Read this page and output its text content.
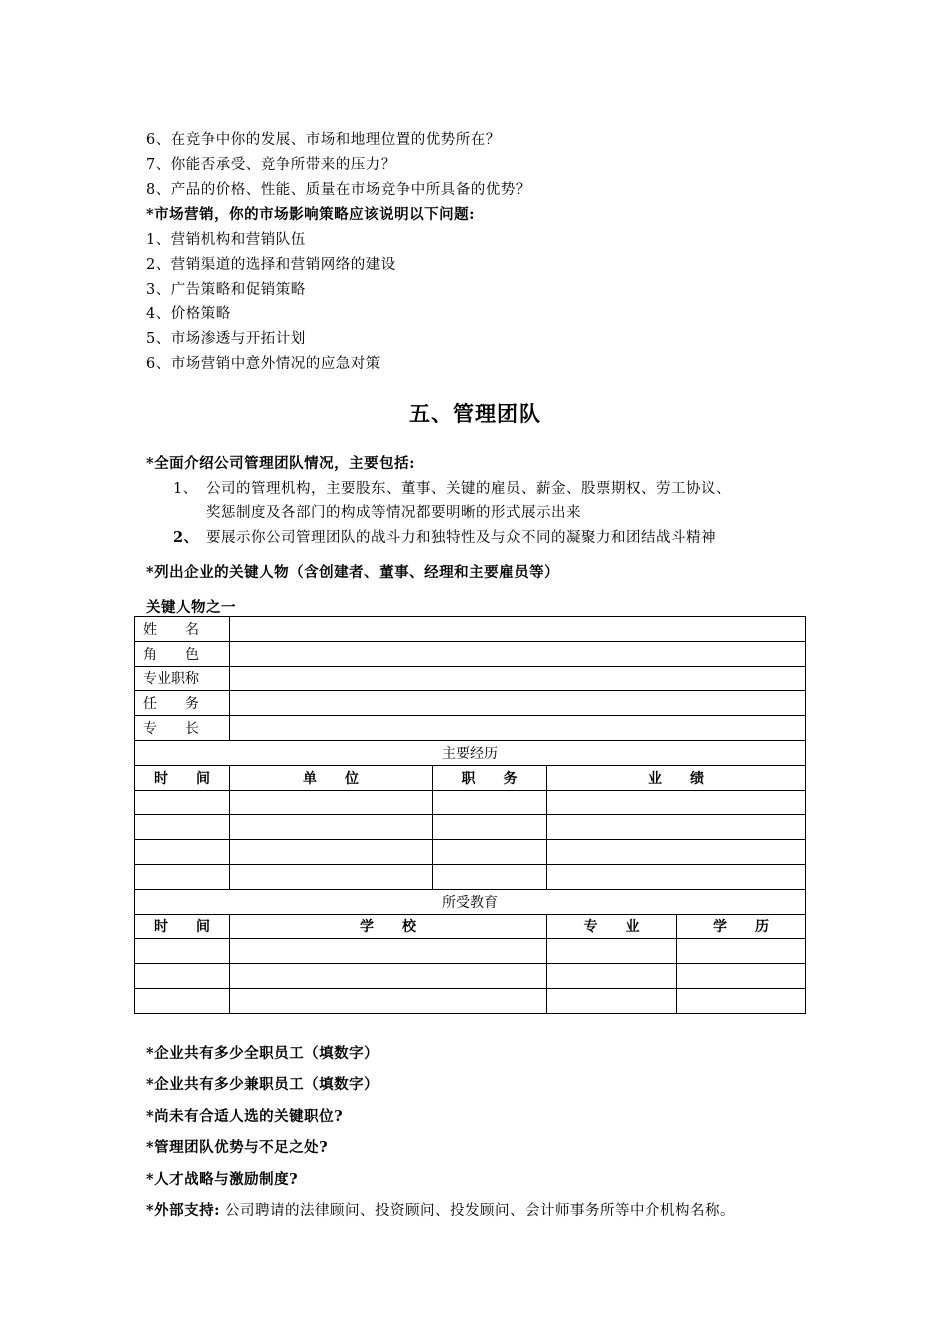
6、在竞争中你的发展、市场和地理位置的优势所在？
7、你能否承受、竞争所带来的压力？
8、产品的价格、性能、质量在市场竞争中所具备的优势？
*市场营销，你的市场影响策略应该说明以下问题:
1、营销机构和营销队伍
2、营销渠道的选择和营销网络的建设
3、广告策略和促销策略
4、价格策略
5、市场渗透与开拓计划
6、市场营销中意外情况的应急对策
五、管理团队
*全面介绍公司管理团队情况，主要包括:
1、 公司的管理机构，主要股东、董事、关键的雇员、薪金、股票期权、劳工协议、
奖惩制度及各部门的构成等情况都要明晰的形式展示出来
2、 要展示你公司管理团队的战斗力和独特性及与众不同的凝聚力和团结战斗精神
*列出企业的关键人物（含创建者、董事、经理和主要雇员等）
关键人物之一
姓　　名				
角　　色				
专业职称				
任　　务				
专　　长				
主要经历				
时　　间	单　　位	职　　务	业　　绩	

所受教育				
时　　间	学　　校		专　　业	学　　历

*企业共有多少全职员工（填数字）
*企业共有多少兼职员工（填数字）
*尚未有合适人选的关键职位?
*管理团队优势与不足之处?
*人才战略与激励制度?
*外部支持: 公司聘请的法律顾问、投资顾问、投发顾问、会计师事务所等中介机构名称。
